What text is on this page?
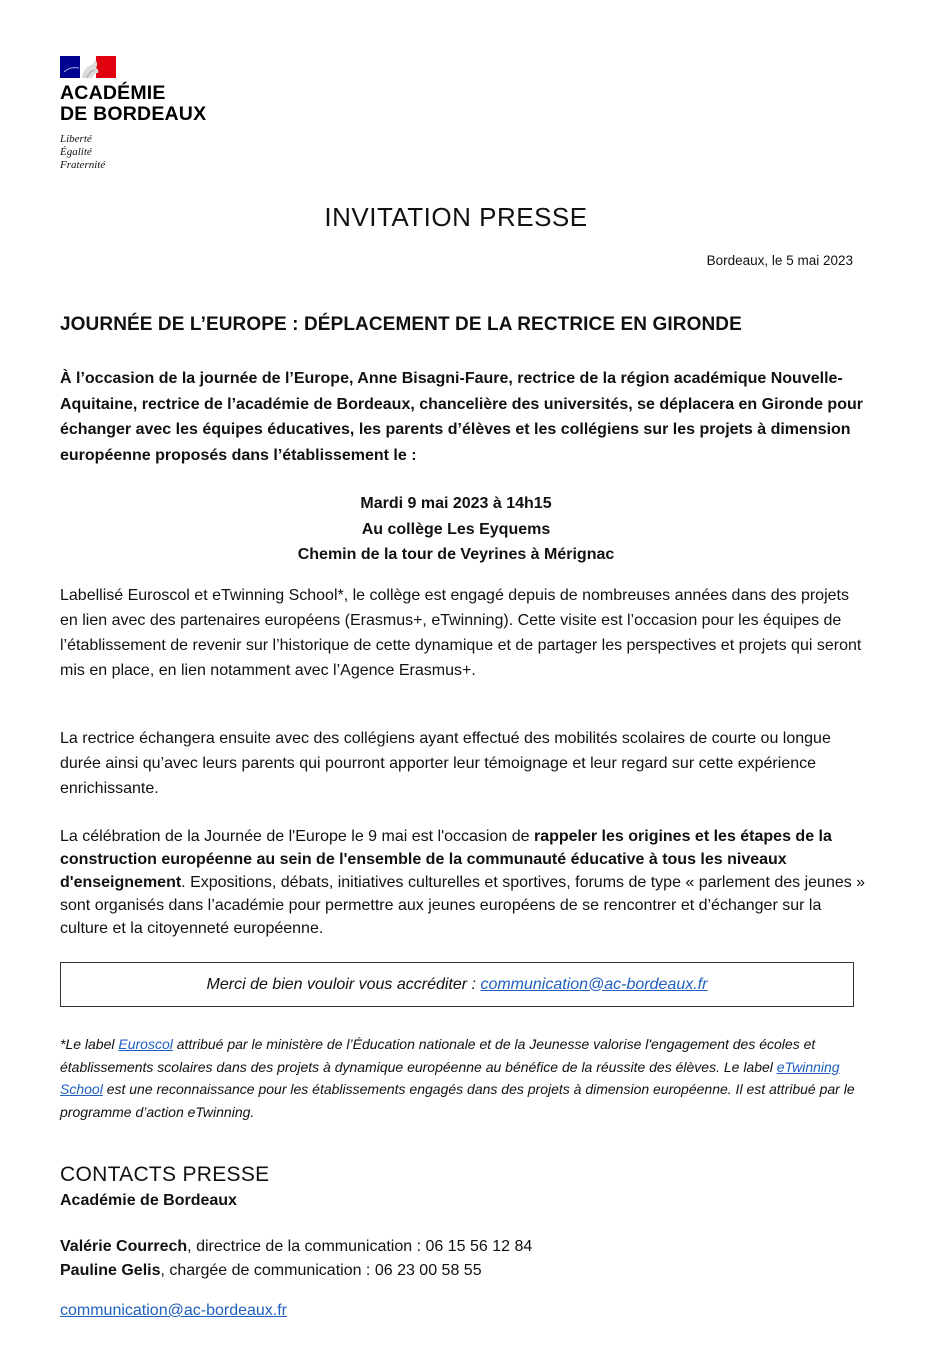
ACADÉMIE
DE BORDEAUX
Liberté
Égalité
Fraternité
INVITATION PRESSE
Bordeaux, le 5 mai 2023
JOURNÉE DE L’EUROPE : DÉPLACEMENT DE LA RECTRICE EN GIRONDE
À l’occasion de la journée de l’Europe, Anne Bisagni-Faure, rectrice de la région académique Nouvelle-Aquitaine, rectrice de l’académie de Bordeaux, chancelière des universités, se déplacera en Gironde pour échanger avec les équipes éducatives, les parents d’élèves et les collégiens sur les projets à dimension européenne proposés dans l’établissement le :
Mardi 9 mai 2023 à 14h15
Au collège Les Eyquems
Chemin de la tour de Veyrines à Mérignac
Labellisé Euroscol et eTwinning School*, le collège est engagé depuis de nombreuses années dans des projets en lien avec des partenaires européens (Erasmus+, eTwinning). Cette visite est l’occasion pour les équipes de l’établissement de revenir sur l’historique de cette dynamique et de partager les perspectives et projets qui seront mis en place, en lien notamment avec l’Agence Erasmus+.
La rectrice échangera ensuite avec des collégiens ayant effectué des mobilités scolaires de courte ou longue durée ainsi qu’avec leurs parents qui pourront apporter leur témoignage et leur regard sur cette expérience enrichissante.
La célébration de la Journée de l'Europe le 9 mai est l'occasion de rappeler les origines et les étapes de la construction européenne au sein de l'ensemble de la communauté éducative à tous les niveaux d'enseignement. Expositions, débats, initiatives culturelles et sportives, forums de type « parlement des jeunes » sont organisés dans l’académie pour permettre aux jeunes européens de se rencontrer et d’échanger sur la culture et la citoyenneté européenne.
Merci de bien vouloir vous accréditer :
communication@ac-bordeaux.fr
*Le label Euroscol attribué par le ministère de l’Éducation nationale et de la Jeunesse valorise l'engagement des écoles et établissements scolaires dans des projets à dynamique européenne au bénéfice de la réussite des élèves. Le label eTwinning School est une reconnaissance pour les établissements engagés dans des projets à dimension européenne. Il est attribué par le programme d’action eTwinning.
CONTACTS PRESSE
Académie de Bordeaux
Valérie Courrech, directrice de la communication : 06 15 56 12 84
Pauline Gelis, chargée de communication : 06 23 00 58 55
communication@ac-bordeaux.fr
